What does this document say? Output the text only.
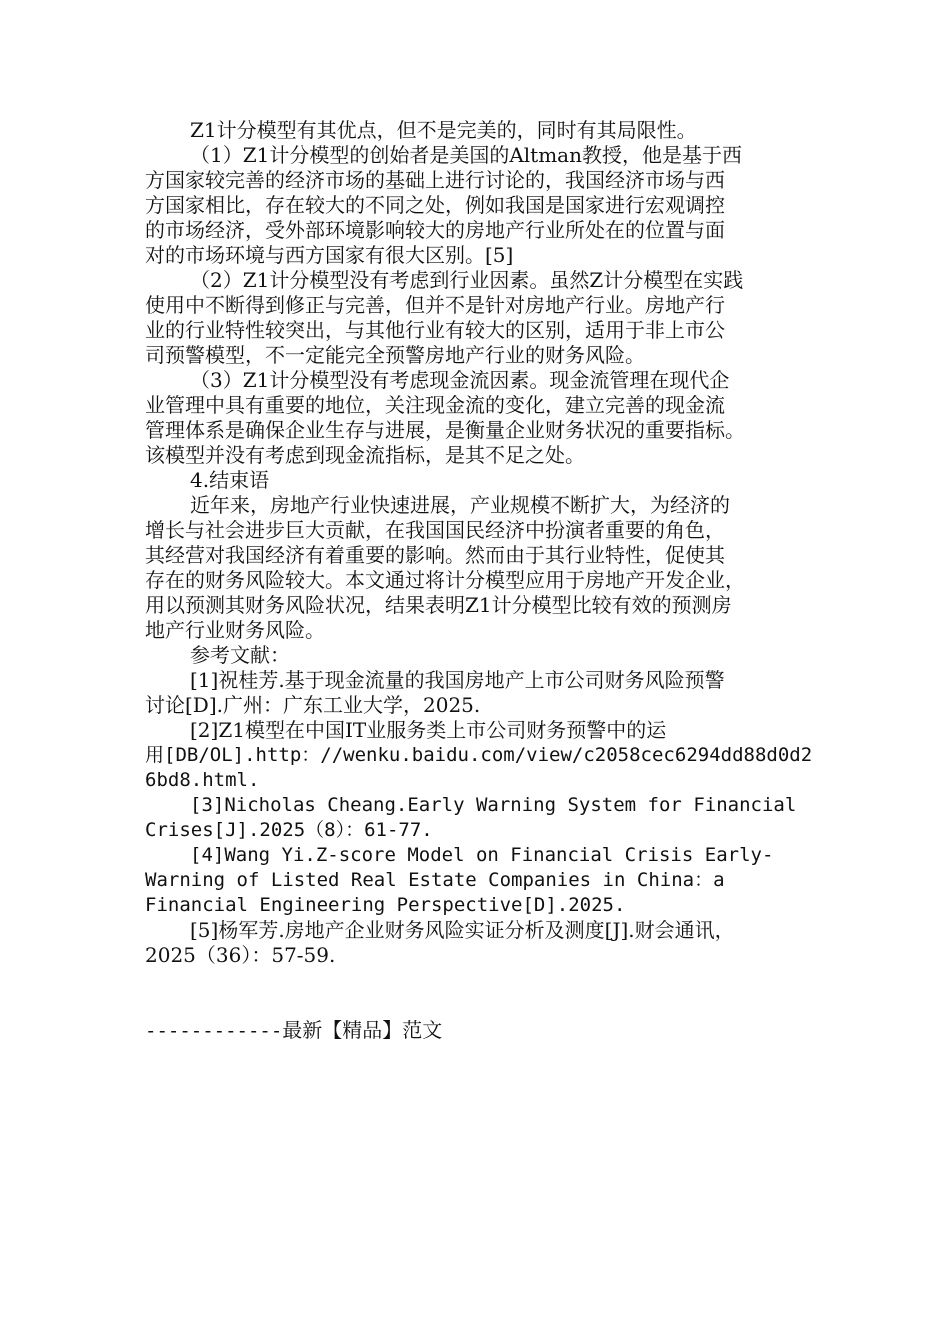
Z1计分模型有其优点，但不是完美的，同时有其局限性。
（1）Z1计分模型的创始者是美国的Altman教授，他是基于西
方国家较完善的经济市场的基础上进行讨论的，我国经济市场与西
方国家相比，存在较大的不同之处，例如我国是国家进行宏观调控
的市场经济，受外部环境影响较大的房地产行业所处在的位置与面
对的市场环境与西方国家有很大区别。[5]
（2）Z1计分模型没有考虑到行业因素。虽然Z计分模型在实践
使用中不断得到修正与完善，但并不是针对房地产行业。房地产行
业的行业特性较突出，与其他行业有较大的区别，适用于非上市公
司预警模型，不一定能完全预警房地产行业的财务风险。
（3）Z1计分模型没有考虑现金流因素。现金流管理在现代企
业管理中具有重要的地位，关注现金流的变化，建立完善的现金流
管理体系是确保企业生存与进展，是衡量企业财务状况的重要指标。
该模型并没有考虑到现金流指标，是其不足之处。
4.结束语
近年来，房地产行业快速进展，产业规模不断扩大，为经济的
增长与社会进步巨大贡献，在我国国民经济中扮演者重要的角色，
其经营对我国经济有着重要的影响。然而由于其行业特性，促使其
存在的财务风险较大。本文通过将计分模型应用于房地产开发企业，
用以预测其财务风险状况，结果表明Z1计分模型比较有效的预测房
地产行业财务风险。
参考文献：
[1]祝桂芳.基于现金流量的我国房地产上市公司财务风险预警
讨论[D].广州：广东工业大学，2025.
[2]Z1模型在中国IT业服务类上市公司财务预警中的运
用[DB/OL].http：//wenku.baidu.com/view/c2058cec6294dd88d0d2
6bd8.html.
[3]Nicholas Cheang.Early Warning System for Financial
Crises[J].2025（8）：61-77.
[4]Wang Yi.Z-score Model on Financial Crisis Early-
Warning of Listed Real Estate Companies in China：a
Financial Engineering Perspective[D].2025.
[5]杨军芳.房地产企业财务风险实证分析及测度[J].财会通讯，
2025（36）：57-59.
------------最新【精品】范文
